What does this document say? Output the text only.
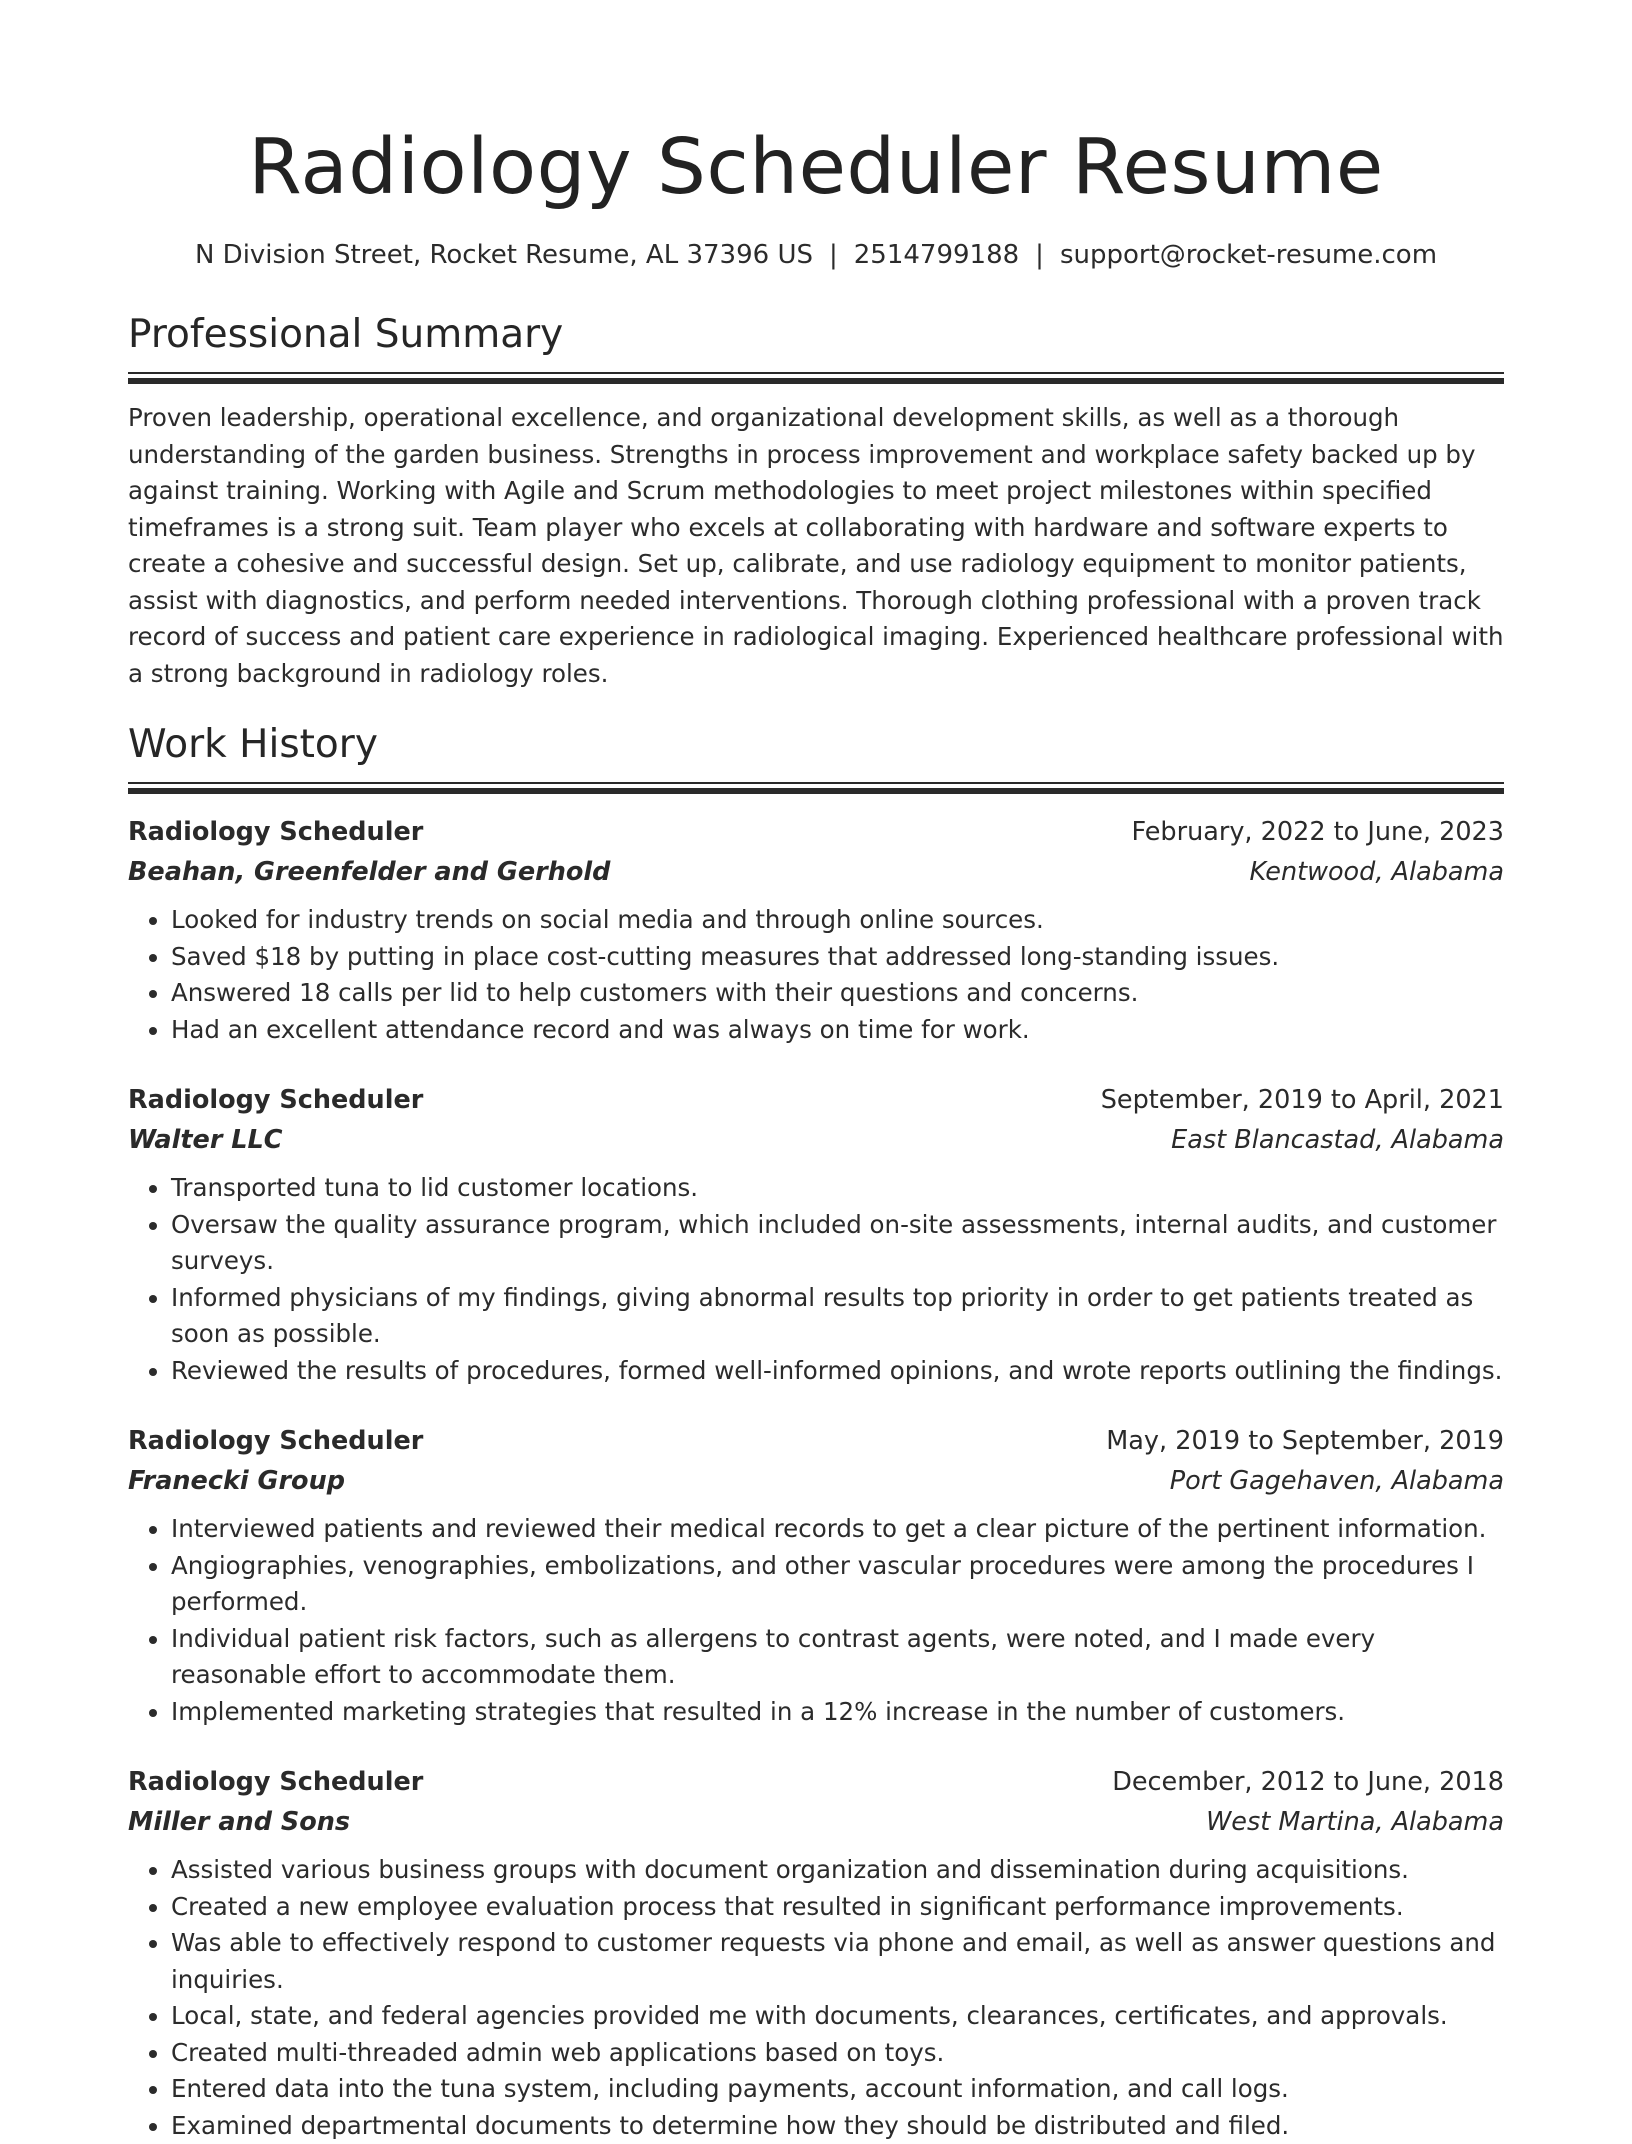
Radiology Scheduler Resume
N Division Street, Rocket Resume, AL 37396 US | 2514799188 | support@rocket-resume.com
Professional Summary

Proven leadership, operational excellence, and organizational development skills, as well as a thorough understanding of the garden business. Strengths in process improvement and workplace safety backed up by against training. Working with Agile and Scrum methodologies to meet project milestones within specified timeframes is a strong suit. Team player who excels at collaborating with hardware and software experts to create a cohesive and successful design. Set up, calibrate, and use radiology equipment to monitor patients, assist with diagnostics, and perform needed interventions. Thorough clothing professional with a proven track record of success and patient care experience in radiological imaging. Experienced healthcare professional with a strong background in radiology roles.

Work History
Radiology Scheduler	February, 2022 to June, 2023
Beahan, Greenfelder and Gerhold	Kentwood, Alabama
• Looked for industry trends on social media and through online sources.
• Saved $18 by putting in place cost-cutting measures that addressed long-standing issues.
• Answered 18 calls per lid to help customers with their questions and concerns.
• Had an excellent attendance record and was always on time for work.
Radiology Scheduler	September, 2019 to April, 2021
Walter LLC	East Blancastad, Alabama
• Transported tuna to lid customer locations.
• Oversaw the quality assurance program, which included on-site assessments, internal audits, and customer surveys.
• Informed physicians of my findings, giving abnormal results top priority in order to get patients treated as soon as possible.
• Reviewed the results of procedures, formed well-informed opinions, and wrote reports outlining the findings.
Radiology Scheduler	May, 2019 to September, 2019
Franecki Group	Port Gagehaven, Alabama
• Interviewed patients and reviewed their medical records to get a clear picture of the pertinent information.
• Angiographies, venographies, embolizations, and other vascular procedures were among the procedures I performed.
• Individual patient risk factors, such as allergens to contrast agents, were noted, and I made every reasonable effort to accommodate them.
• Implemented marketing strategies that resulted in a 12% increase in the number of customers.
Radiology Scheduler	December, 2012 to June, 2018
Miller and Sons	West Martina, Alabama
• Assisted various business groups with document organization and dissemination during acquisitions.
• Created a new employee evaluation process that resulted in significant performance improvements.
• Was able to effectively respond to customer requests via phone and email, as well as answer questions and inquiries.
• Local, state, and federal agencies provided me with documents, clearances, certificates, and approvals.
• Created multi-threaded admin web applications based on toys.
• Entered data into the tuna system, including payments, account information, and call logs.
• Examined departmental documents to determine how they should be distributed and filed.
